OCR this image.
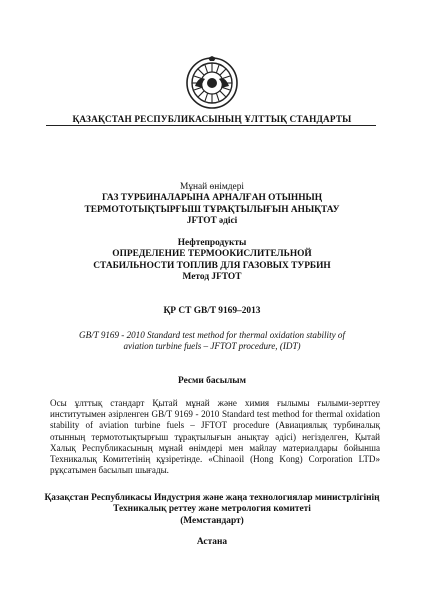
ҚАЗАҚСТАН РЕСПУБЛИКАСЫНЫҢ ҰЛТТЫҚ СТАНДАРТЫ
Мұнай өнімдері
ГАЗ ТУРБИНАЛАРЫНА АРНАЛҒАН ОТЫННЫҢ
ТЕРМОТОТЫҚТЫРҒЫШ ТҰРАҚТЫЛЫҒЫН АНЫҚТАУ
JFTOT әдісі
Нефтепродукты
ОПРЕДЕЛЕНИЕ ТЕРМООКИСЛИТЕЛЬНОЙ
СТАБИЛЬНОСТИ ТОПЛИВ ДЛЯ ГАЗОВЫХ ТУРБИН
Метод JFTOT
ҚР СТ GB/T 9169–2013
GB/T 9169 - 2010 Standard test method for thermal oxidation stability of
aviation turbine fuels – JFTOT procedure, (IDT)
Ресми басылым
Осы ұлттық стандарт Қытай мұнай және химия ғылымы ғылыми-зерттеу институтымен әзірленген GB/T 9169 - 2010 Standard test method for thermal oxidation stability of aviation turbine fuels – JFTOT procedure (Авиациялық турбиналық отынның термототықтырғыш тұрақтылығын анықтау әдісі) негізделген, Қытай Халық Республикасының мұнай өнімдері мен майлау материалдары бойынша Техникалық Комитетінің құзіретінде. «Chinaoil (Hong Kong) Corporation LTD» рұқсатымен басылып шығады.
Қазақстан Республикасы Индустрия және жаңа технологиялар министрлігінің
Техникалық реттеу және метрология комитеті
(Мемстандарт)
Астана
